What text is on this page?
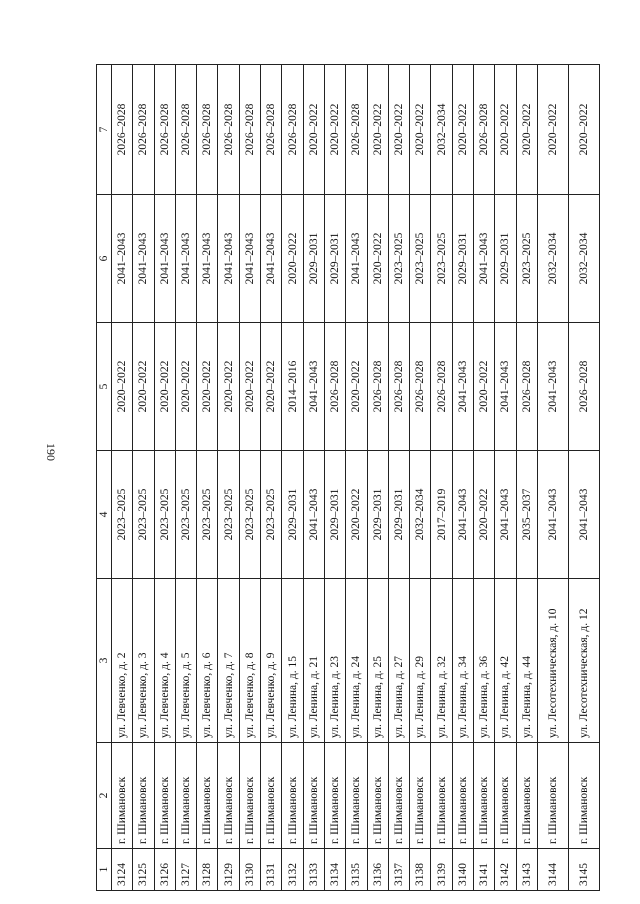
190
1	2	3	4	5	6	7
3124	г. Шимановск	ул. Левченко, д. 2	2023–2025	2020–2022	2041–2043	2026–2028
3125	г. Шимановск	ул. Левченко, д. 3	2023–2025	2020–2022	2041–2043	2026–2028
3126	г. Шимановск	ул. Левченко, д. 4	2023–2025	2020–2022	2041–2043	2026–2028
3127	г. Шимановск	ул. Левченко, д. 5	2023–2025	2020–2022	2041–2043	2026–2028
3128	г. Шимановск	ул. Левченко, д. 6	2023–2025	2020–2022	2041–2043	2026–2028
3129	г. Шимановск	ул. Левченко, д. 7	2023–2025	2020–2022	2041–2043	2026–2028
3130	г. Шимановск	ул. Левченко, д. 8	2023–2025	2020–2022	2041–2043	2026–2028
3131	г. Шимановск	ул. Левченко, д. 9	2023–2025	2020–2022	2041–2043	2026–2028
3132	г. Шимановск	ул. Ленина, д. 15	2029–2031	2014–2016	2020–2022	2026–2028
3133	г. Шимановск	ул. Ленина, д. 21	2041–2043	2041–2043	2029–2031	2020–2022
3134	г. Шимановск	ул. Ленина, д. 23	2029–2031	2026–2028	2029–2031	2020–2022
3135	г. Шимановск	ул. Ленина, д. 24	2020–2022	2020–2022	2041–2043	2026–2028
3136	г. Шимановск	ул. Ленина, д. 25	2029–2031	2026–2028	2020–2022	2020–2022
3137	г. Шимановск	ул. Ленина, д. 27	2029–2031	2026–2028	2023–2025	2020–2022
3138	г. Шимановск	ул. Ленина, д. 29	2032–2034	2026–2028	2023–2025	2020–2022
3139	г. Шимановск	ул. Ленина, д. 32	2017–2019	2026–2028	2023–2025	2032–2034
3140	г. Шимановск	ул. Ленина, д. 34	2041–2043	2041–2043	2029–2031	2020–2022
3141	г. Шимановск	ул. Ленина, д. 36	2020–2022	2020–2022	2041–2043	2026–2028
3142	г. Шимановск	ул. Ленина, д. 42	2041–2043	2041–2043	2029–2031	2020–2022
3143	г. Шимановск	ул. Ленина, д. 44	2035–2037	2026–2028	2023–2025	2020–2022
3144	г. Шимановск	ул. Лесотехническая, д. 10	2041–2043	2041–2043	2032–2034	2020–2022
3145	г. Шимановск	ул. Лесотехническая, д. 12	2041–2043	2026–2028	2032–2034	2020–2022
